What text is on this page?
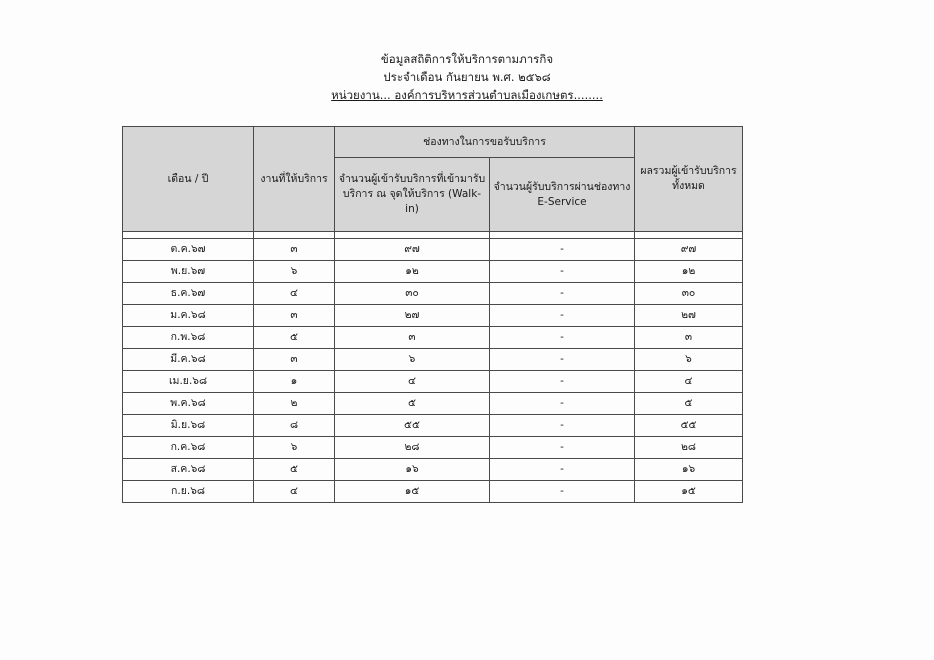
ข้อมูลสถิติการให้บริการตามภารกิจ
ประจำเดือน กันยายน พ.ศ. ๒๕๖๘
หน่วยงาน... องค์การบริหารส่วนตำบลเมืองเกษตร........
เดือน / ปี	งานที่ให้บริการ	ช่องทางในการขอรับบริการ		ผลรวมผู้เข้ารับบริการทั้งหมด
		จำนวนผู้เข้ารับบริการที่เข้ามารับบริการ ณ จุดให้บริการ (Walk-in)	จำนวนผู้รับบริการผ่านช่องทาง E-Service	

ต.ค.๖๗	๓	๙๗	-	๙๗
พ.ย.๖๗	๖	๑๒	-	๑๒
ธ.ค.๖๗	๔	๓๐	-	๓๐
ม.ค.๖๘	๓	๒๗	-	๒๗
ก.พ.๖๘	๕	๓	-	๓
มี.ค.๖๘	๓	๖	-	๖
เม.ย.๖๘	๑	๔	-	๔
พ.ค.๖๘	๒	๕	-	๕
มิ.ย.๖๘	๘	๕๕	-	๕๕
ก.ค.๖๘	๖	๒๘	-	๒๘
ส.ค.๖๘	๕	๑๖	-	๑๖
ก.ย.๖๘	๔	๑๕	-	๑๕
